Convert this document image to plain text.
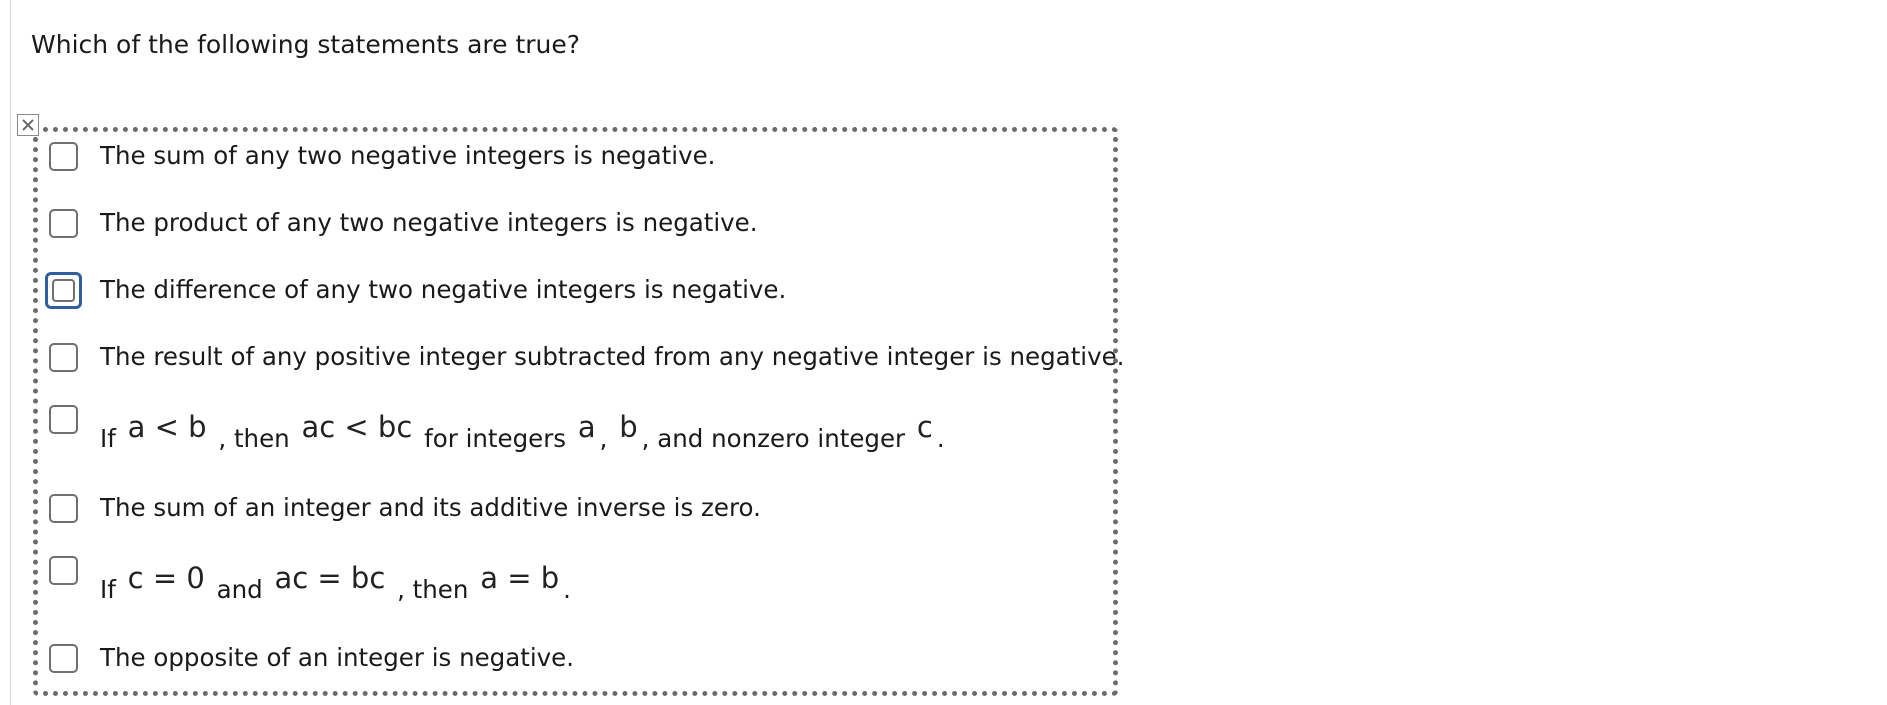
Which of the following statements are true?
The sum of any two negative integers is negative.
The product of any two negative integers is negative.
The difference of any two negative integers is negative.
The result of any positive integer subtracted from any negative integer is negative.
If a < b , then ac < bc for integers a , b , and nonzero integer c .
The sum of an integer and its additive inverse is zero.
If c = 0 and ac = bc , then a = b .
The opposite of an integer is negative.
